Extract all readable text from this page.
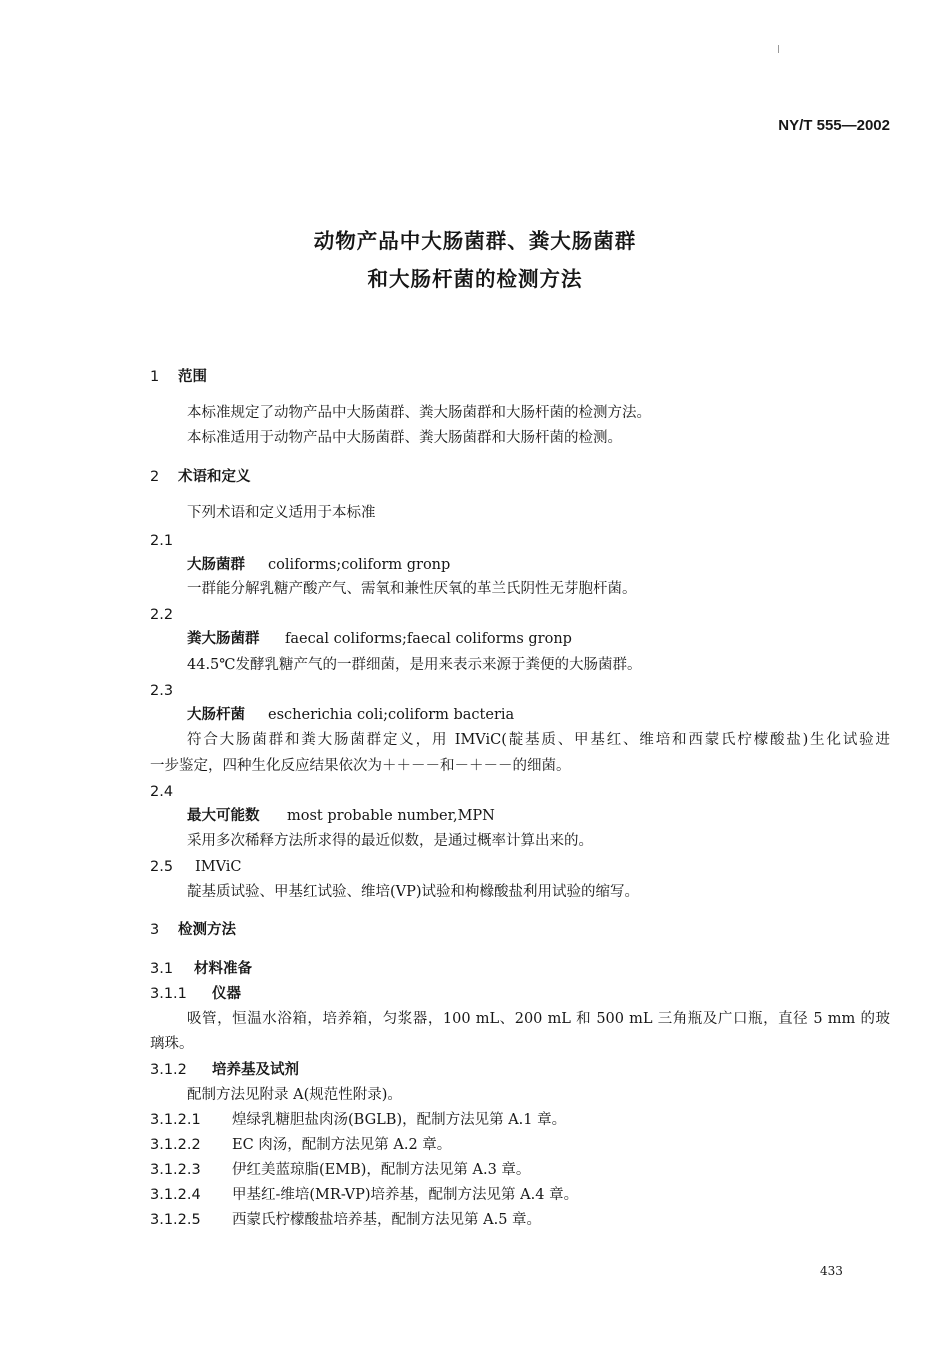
NY/T 555—2002
动物产品中大肠菌群、粪大肠菌群
和大肠杆菌的检测方法
1 范围
本标准规定了动物产品中大肠菌群、粪大肠菌群和大肠杆菌的检测方法。
本标准适用于动物产品中大肠菌群、粪大肠菌群和大肠杆菌的检测。
2 术语和定义
下列术语和定义适用于本标准
2.1
大肠菌群 coliforms;coliform gronp
一群能分解乳糖产酸产气、需氧和兼性厌氧的革兰氏阴性无芽胞杆菌。
2.2
粪大肠菌群 faecal coliforms;faecal coliforms gronp
44.5℃发酵乳糖产气的一群细菌，是用来表示来源于粪便的大肠菌群。
2.3
大肠杆菌 escherichia coli;coliform bacteria
符合大肠菌群和粪大肠菌群定义，用 IMViC(靛基质、甲基红、维培和西蒙氏柠檬酸盐)生化试验进
一步鉴定，四种生化反应结果依次为＋＋－－和－＋－－的细菌。
2.4
最大可能数 most probable number,MPN
采用多次稀释方法所求得的最近似数，是通过概率计算出来的。
2.5 IMViC
靛基质试验、甲基红试验、维培(VP)试验和枸橼酸盐利用试验的缩写。
3 检测方法
3.1 材料准备
3.1.1 仪器
吸管，恒温水浴箱，培养箱，匀浆器，100 mL、200 mL 和 500 mL 三角瓶及广口瓶，直径 5 mm 的玻
璃珠。
3.1.2 培养基及试剂
配制方法见附录 A(规范性附录)。
3.1.2.1 煌绿乳糖胆盐肉汤(BGLB)，配制方法见第 A.1 章。
3.1.2.2 EC 肉汤，配制方法见第 A.2 章。
3.1.2.3 伊红美蓝琼脂(EMB)，配制方法见第 A.3 章。
3.1.2.4 甲基红-维培(MR-VP)培养基，配制方法见第 A.4 章。
3.1.2.5 西蒙氏柠檬酸盐培养基，配制方法见第 A.5 章。
433
